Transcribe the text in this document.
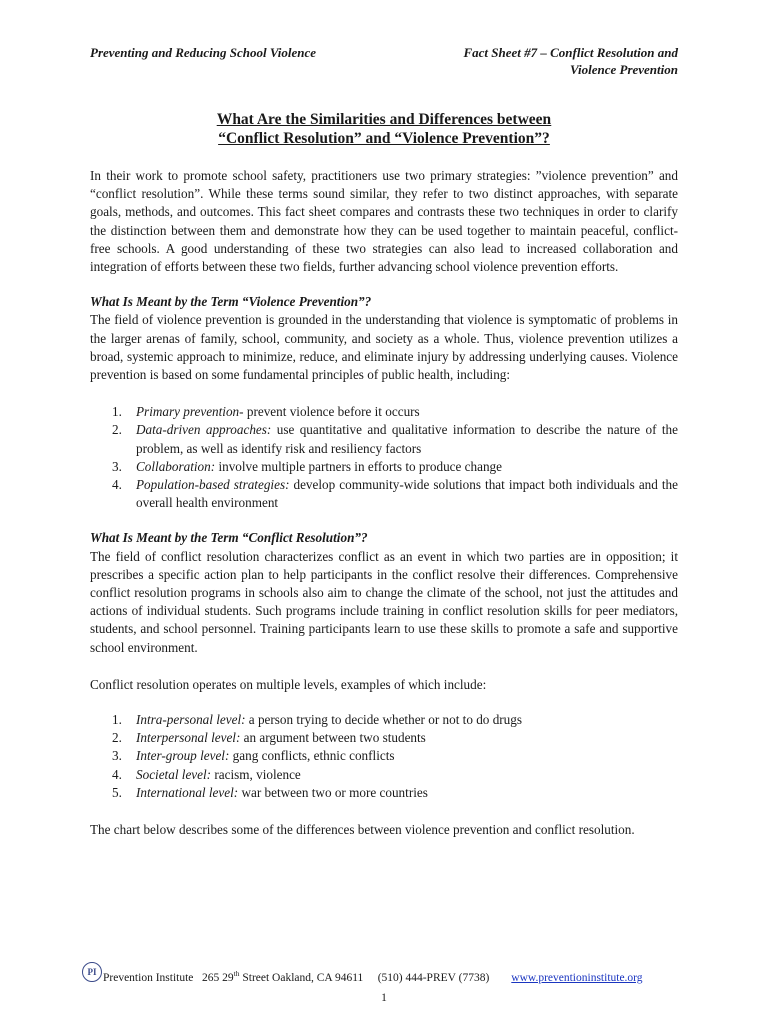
Preventing and Reducing School Violence	Fact Sheet #7 – Conflict Resolution and
Violence Prevention
What Are the Similarities and Differences between
“Conflict Resolution” and “Violence Prevention”?

In their work to promote school safety, practitioners use two primary strategies: ”violence prevention” and “conflict resolution”. While these terms sound similar, they refer to two distinct approaches, with separate goals, methods, and outcomes. This fact sheet compares and contrasts these two techniques in order to clarify the distinction between them and demonstrate how they can be used together to maintain peaceful, conflict-free schools. A good understanding of these two strategies can also lead to increased collaboration and integration of efforts between these two fields, further advancing school violence prevention efforts.

What Is Meant by the Term “Violence Prevention”?

The field of violence prevention is grounded in the understanding that violence is symptomatic of problems in the larger arenas of family, school, community, and society as a whole. Thus, violence prevention utilizes a broad, systemic approach to minimize, reduce, and eliminate injury by addressing underlying causes. Violence prevention is based on some fundamental principles of public health, including:

1.	Primary prevention- prevent violence before it occurs
2.	Data-driven approaches: use quantitative and qualitative information to describe the nature of the problem, as well as identify risk and resiliency factors
3.	Collaboration: involve multiple partners in efforts to produce change
4.	Population-based strategies: develop community-wide solutions that impact both individuals and the overall health environment
What Is Meant by the Term “Conflict Resolution”?

The field of conflict resolution characterizes conflict as an event in which two parties are in opposition; it prescribes a specific action plan to help participants in the conflict resolve their differences. Comprehensive conflict resolution programs in schools also aim to change the climate of the school, not just the attitudes and actions of individual students. Such programs include training in conflict resolution skills for peer mediators, students, and school personnel. Training participants learn to use these skills to promote a safe and supportive school environment.

Conflict resolution operates on multiple levels, examples of which include:

1.	Intra-personal level: a person trying to decide whether or not to do drugs
2.	Interpersonal level: an argument between two students
3.	Inter-group level: gang conflicts, ethnic conflicts
4.	Societal level: racism, violence
5.	International level: war between two or more countries

The chart below describes some of the differences between violence prevention and conflict resolution.

PI Prevention Institute 265 29th Street Oakland, CA 94611 (510) 444-PREV (7738) www.preventioninstitute.org
1
